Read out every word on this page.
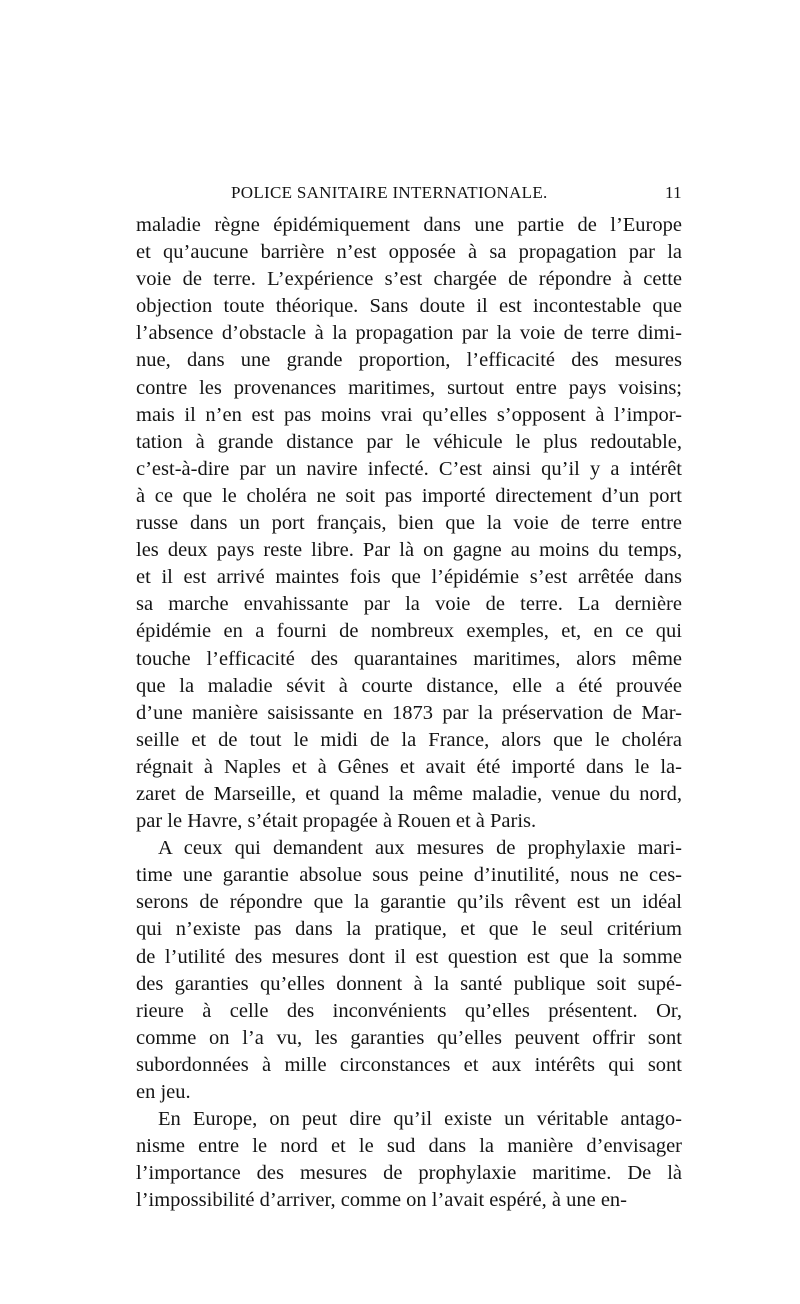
POLICE SANITAIRE INTERNATIONALE.	11
maladie règne épidémiquement dans une partie de l’Europe
et qu’aucune barrière n’est opposée à sa propagation par la
voie de terre. L’expérience s’est chargée de répondre à cette
objection toute théorique. Sans doute il est incontestable que
l’absence d’obstacle à la propagation par la voie de terre dimi-
nue, dans une grande proportion, l’efficacité des mesures
contre les provenances maritimes, surtout entre pays voisins;
mais il n’en est pas moins vrai qu’elles s’opposent à l’impor-
tation à grande distance par le véhicule le plus redoutable,
c’est-à-dire par un navire infecté. C’est ainsi qu’il y a intérêt
à ce que le choléra ne soit pas importé directement d’un port
russe dans un port français, bien que la voie de terre entre
les deux pays reste libre. Par là on gagne au moins du temps,
et il est arrivé maintes fois que l’épidémie s’est arrêtée dans
sa marche envahissante par la voie de terre. La dernière
épidémie en a fourni de nombreux exemples, et, en ce qui
touche l’efficacité des quarantaines maritimes, alors même
que la maladie sévit à courte distance, elle a été prouvée
d’une manière saisissante en 1873 par la préservation de Mar-
seille et de tout le midi de la France, alors que le choléra
régnait à Naples et à Gênes et avait été importé dans le la-
zaret de Marseille, et quand la même maladie, venue du nord,
par le Havre, s’était propagée à Rouen et à Paris.
A ceux qui demandent aux mesures de prophylaxie mari-
time une garantie absolue sous peine d’inutilité, nous ne ces-
serons de répondre que la garantie qu’ils rêvent est un idéal
qui n’existe pas dans la pratique, et que le seul critérium
de l’utilité des mesures dont il est question est que la somme
des garanties qu’elles donnent à la santé publique soit supé-
rieure à celle des inconvénients qu’elles présentent. Or,
comme on l’a vu, les garanties qu’elles peuvent offrir sont
subordonnées à mille circonstances et aux intérêts qui sont
en jeu.
En Europe, on peut dire qu’il existe un véritable antago-
nisme entre le nord et le sud dans la manière d’envisager
l’importance des mesures de prophylaxie maritime. De là
l’impossibilité d’arriver, comme on l’avait espéré, à une en-
